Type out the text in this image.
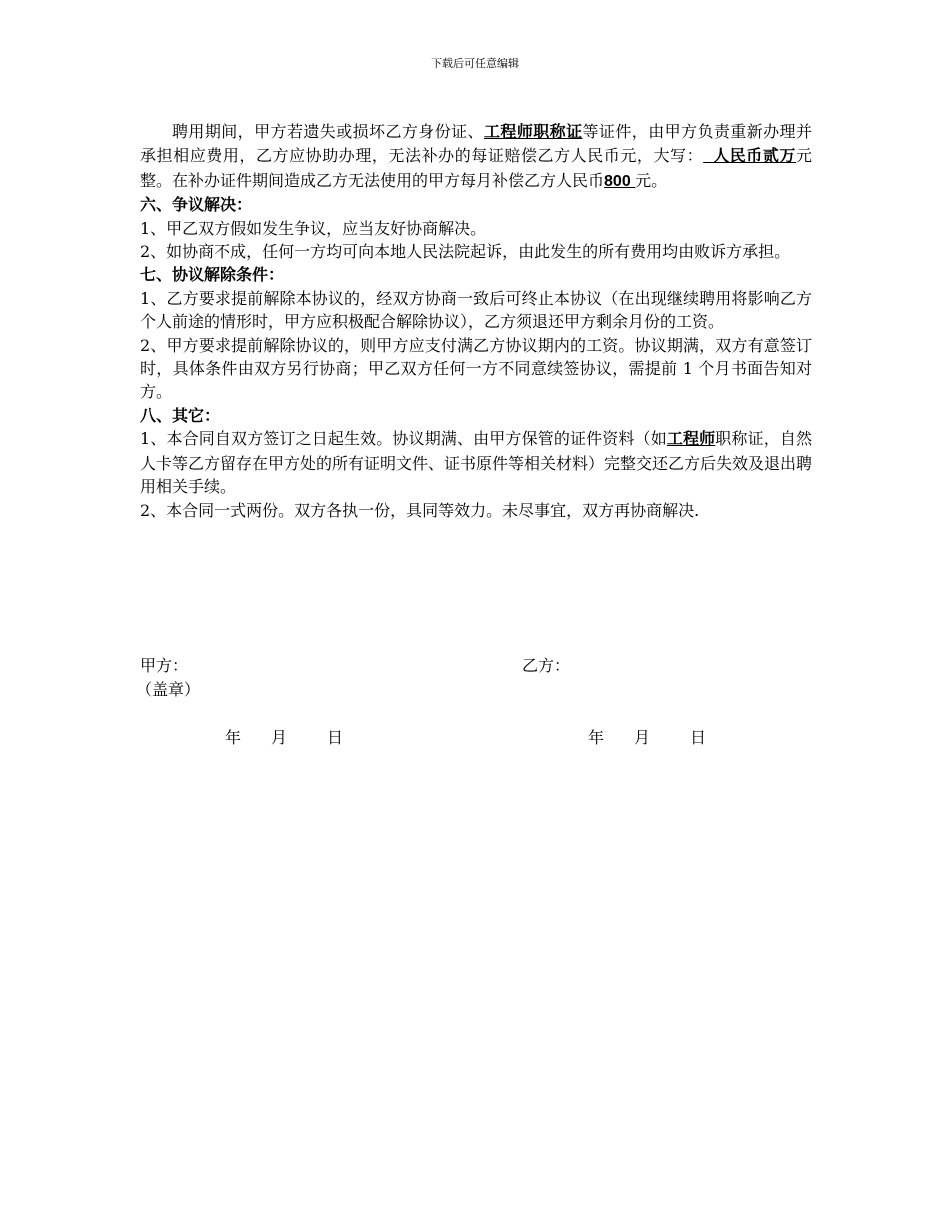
下载后可任意编辑

聘用期间，甲方若遗失或损坏乙方身份证、工程师职称证等证件，由甲方负责重新办理并承担相应费用，乙方应协助办理，无法补办的每证赔偿乙方人民币元，大写：  人民币贰万元整。在补办证件期间造成乙方无法使用的甲方每月补偿乙方人民币800 元。

六、争议解决：

1、甲乙双方假如发生争议，应当友好协商解决。

2、如协商不成，任何一方均可向本地人民法院起诉，由此发生的所有费用均由败诉方承担。

七、协议解除条件：

1、乙方要求提前解除本协议的，经双方协商一致后可终止本协议（在出现继续聘用将影响乙方个人前途的情形时，甲方应积极配合解除协议），乙方须退还甲方剩余月份的工资。

2、甲方要求提前解除协议的，则甲方应支付满乙方协议期内的工资。协议期满，双方有意签订时，具体条件由双方另行协商；甲乙双方任何一方不同意续签协议，需提前 1 个月书面告知对方。

八、其它：

1、本合同自双方签订之日起生效。协议期满、由甲方保管的证件资料（如工程师职称证，自然人卡等乙方留存在甲方处的所有证明文件、证书原件等相关材料）完整交还乙方后失效及退出聘用相关手续。

2、本合同一式两份。双方各执一份，具同等效力。未尽事宜，双方再协商解决.

甲方：	乙方：
（盖章）
年 月 日	年 月 日
